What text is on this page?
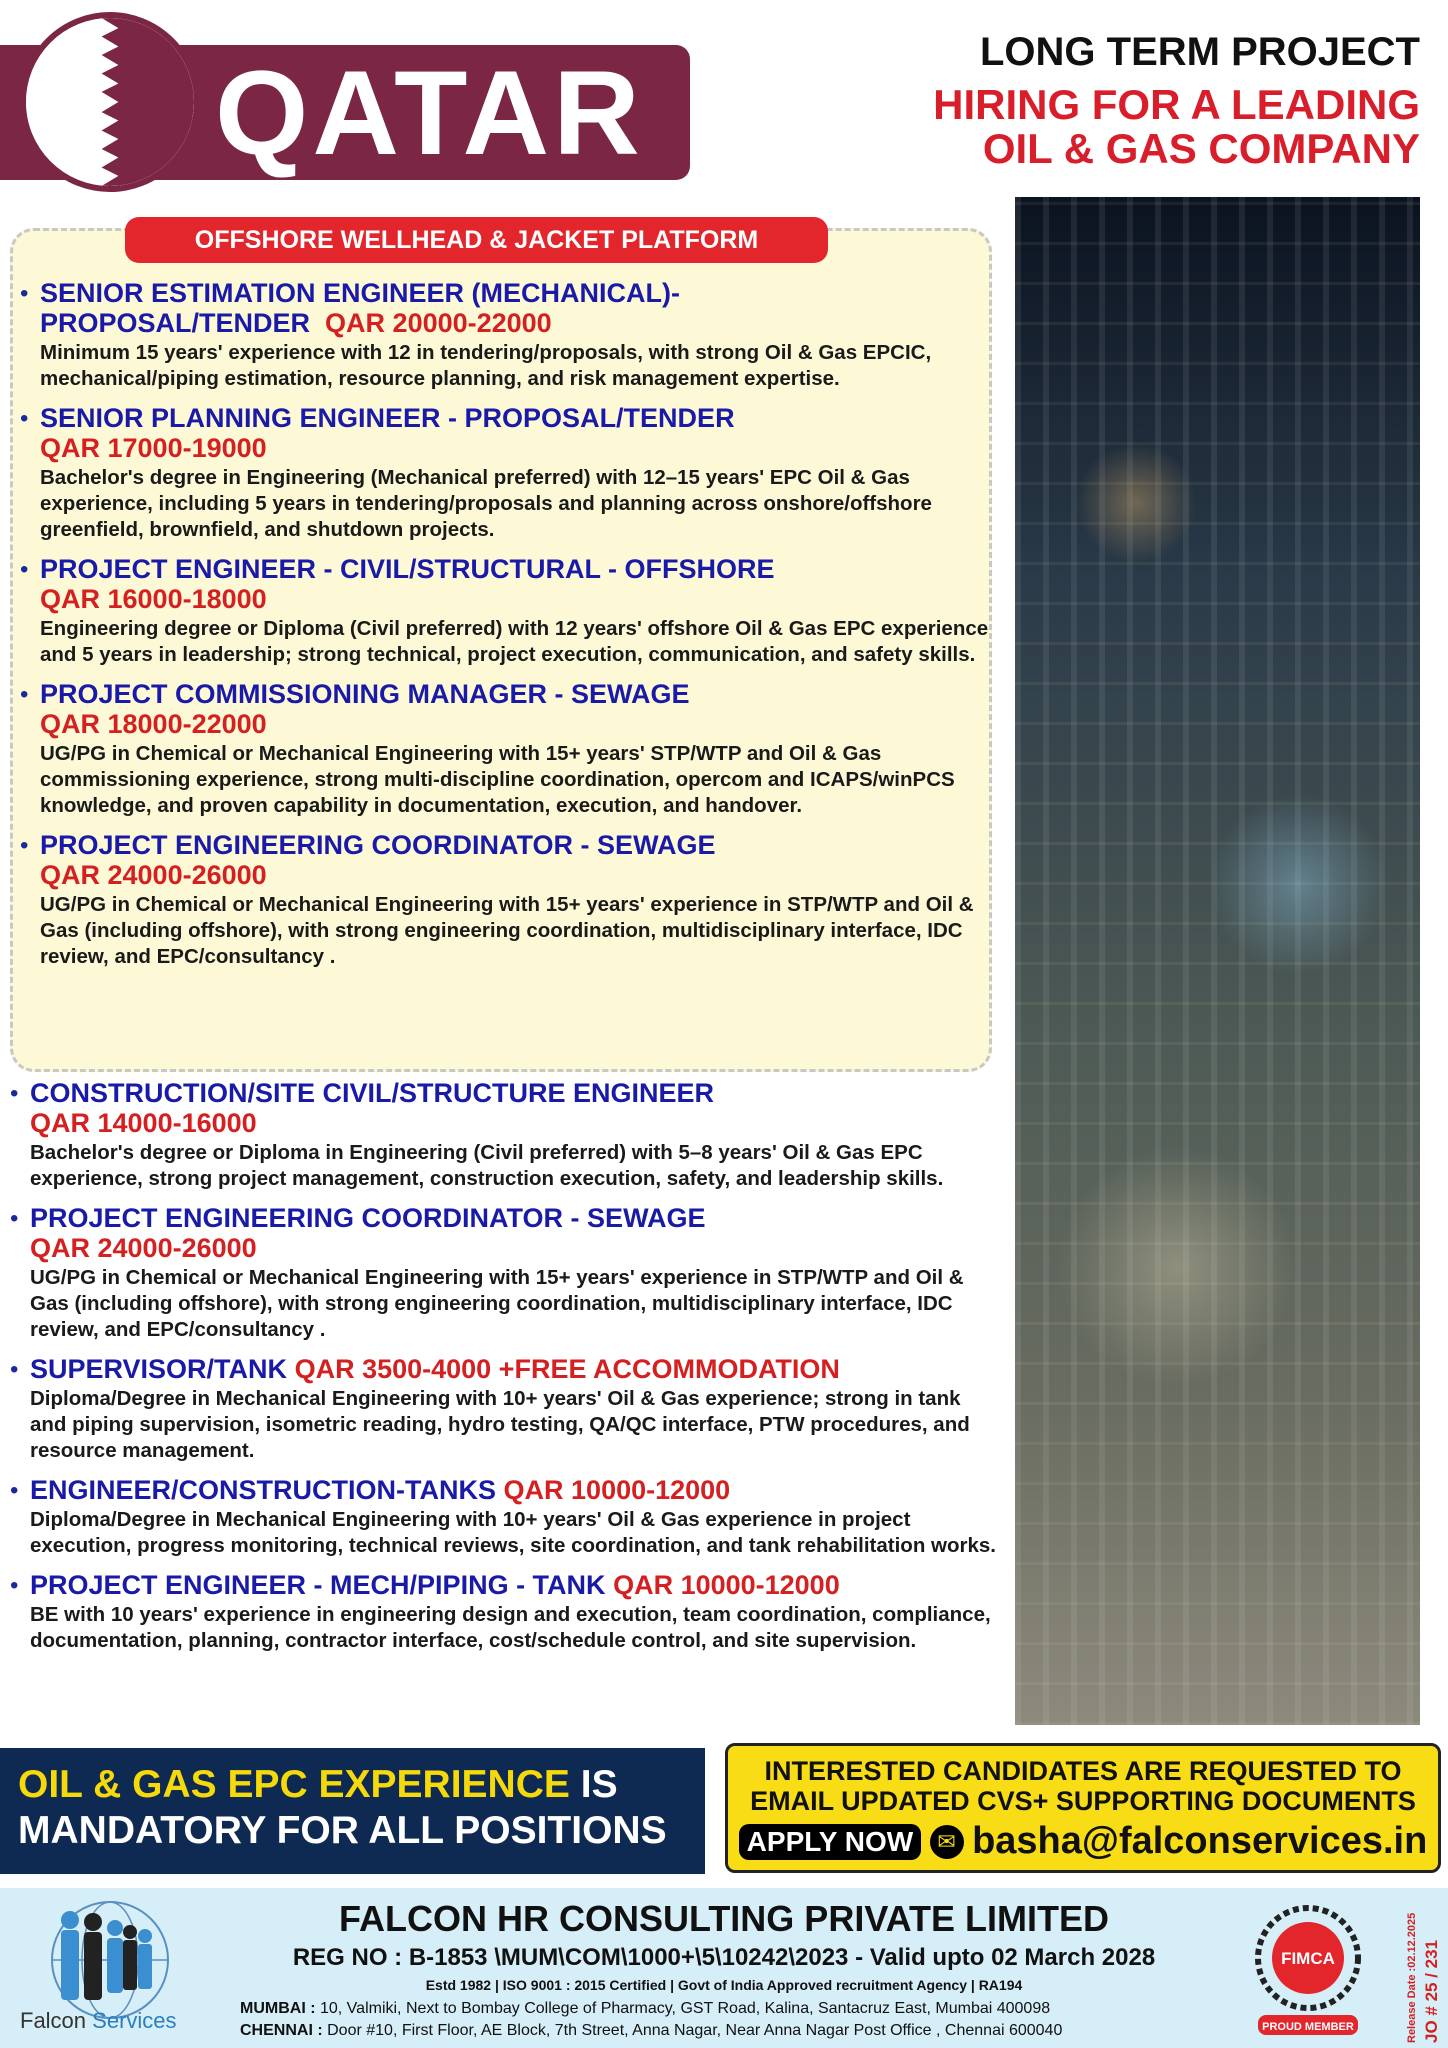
QATAR	LONG TERM PROJECT
HIRING FOR A LEADING
OIL & GAS COMPANY
OFFSHORE WELLHEAD & JACKET PLATFORM
• SENIOR ESTIMATION ENGINEER (MECHANICAL)- PROPOSAL/TENDER QAR 20000-22000
Minimum 15 years' experience with 12 in tendering/proposals, with strong Oil & Gas EPCIC, mechanical/piping estimation, resource planning, and risk management expertise.
• SENIOR PLANNING ENGINEER - PROPOSAL/TENDER
QAR 17000-19000
Bachelor's degree in Engineering (Mechanical preferred) with 12–15 years' EPC Oil & Gas experience, including 5 years in tendering/proposals and planning across onshore/offshore greenfield, brownfield, and shutdown projects.
• PROJECT ENGINEER - CIVIL/STRUCTURAL - OFFSHORE
QAR 16000-18000
Engineering degree or Diploma (Civil preferred) with 12 years' offshore Oil & Gas EPC experience and 5 years in leadership; strong technical, project execution, communication, and safety skills.
• PROJECT COMMISSIONING MANAGER - SEWAGE
QAR 18000-22000
UG/PG in Chemical or Mechanical Engineering with 15+ years' STP/WTP and Oil & Gas commissioning experience, strong multi-discipline coordination, opercom and ICAPS/winPCS knowledge, and proven capability in documentation, execution, and handover.
• PROJECT ENGINEERING COORDINATOR - SEWAGE
QAR 24000-26000
UG/PG in Chemical or Mechanical Engineering with 15+ years' experience in STP/WTP and Oil & Gas (including offshore), with strong engineering coordination, multidisciplinary interface, IDC review, and EPC/consultancy .
• CONSTRUCTION/SITE CIVIL/STRUCTURE ENGINEER
QAR 14000-16000
Bachelor's degree or Diploma in Engineering (Civil preferred) with 5–8 years' Oil & Gas EPC experience, strong project management, construction execution, safety, and leadership skills.
• PROJECT ENGINEERING COORDINATOR - SEWAGE
QAR 24000-26000
UG/PG in Chemical or Mechanical Engineering with 15+ years' experience in STP/WTP and Oil & Gas (including offshore), with strong engineering coordination, multidisciplinary interface, IDC review, and EPC/consultancy .
• SUPERVISOR/TANK QAR 3500-4000 +FREE ACCOMMODATION
Diploma/Degree in Mechanical Engineering with 10+ years' Oil & Gas experience; strong in tank and piping supervision, isometric reading, hydro testing, QA/QC interface, PTW procedures, and resource management.
• ENGINEER/CONSTRUCTION-TANKS QAR 10000-12000
Diploma/Degree in Mechanical Engineering with 10+ years' Oil & Gas experience in project execution, progress monitoring, technical reviews, site coordination, and tank rehabilitation works.
• PROJECT ENGINEER - MECH/PIPING - TANK QAR 10000-12000
BE with 10 years' experience in engineering design and execution, team coordination, compliance, documentation, planning, contractor interface, cost/schedule control, and site supervision.
OIL & GAS EPC EXPERIENCE IS
MANDATORY FOR ALL POSITIONS
INTERESTED CANDIDATES ARE REQUESTED TO
EMAIL UPDATED CVS+ SUPPORTING DOCUMENTS
APPLY NOW ✉ basha@falconservices.in
Falcon Services
FALCON HR CONSULTING PRIVATE LIMITED
REG NO : B-1853 \MUM\COM\1000+\5\10242\2023 - Valid upto 02 March 2028
Estd 1982 | ISO 9001 : 2015 Certified | Govt of India Approved recruitment Agency | RA194
MUMBAI : 10, Valmiki, Next to Bombay College of Pharmacy, GST Road, Kalina, Santacruz East, Mumbai 400098
CHENNAI : Door #10, First Floor, AE Block, 7th Street, Anna Nagar, Near Anna Nagar Post Office , Chennai 600040
FIMCA
PROUD MEMBER	Release Date :02.12.2025 JO # 25 / 231
